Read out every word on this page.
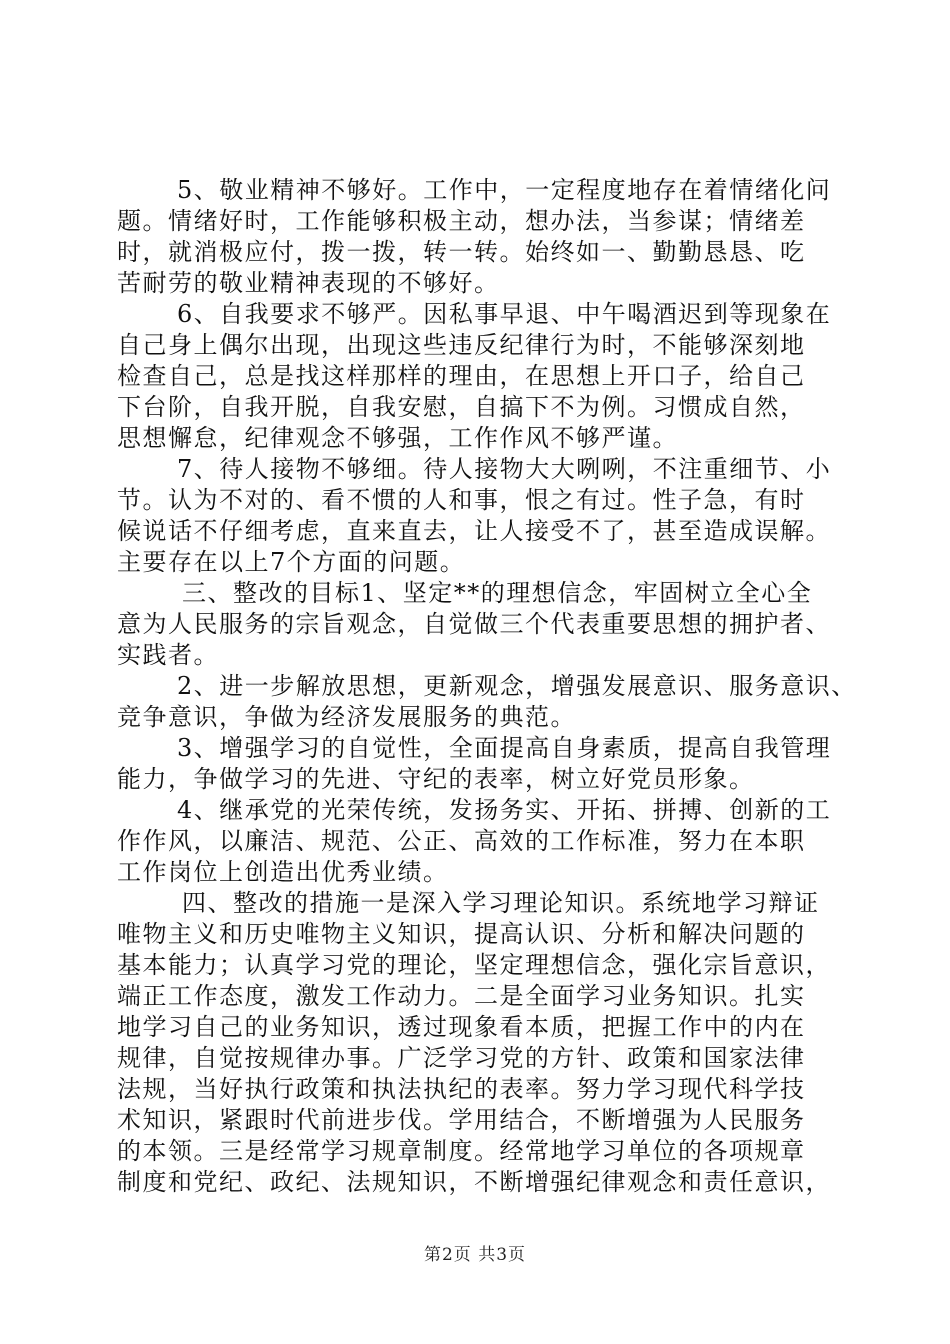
5、敬业精神不够好。工作中，一定程度地存在着情绪化问
题。情绪好时，工作能够积极主动，想办法，当参谋；情绪差
时，就消极应付，拨一拨，转一转。始终如一、勤勤恳恳、吃
苦耐劳的敬业精神表现的不够好。
6、自我要求不够严。因私事早退、中午喝酒迟到等现象在
自己身上偶尔出现，出现这些违反纪律行为时，不能够深刻地
检查自己，总是找这样那样的理由，在思想上开口子，给自己
下台阶，自我开脱，自我安慰，自搞下不为例。习惯成自然，
思想懈怠，纪律观念不够强，工作作风不够严谨。
7、待人接物不够细。待人接物大大咧咧，不注重细节、小
节。认为不对的、看不惯的人和事，恨之有过。性子急，有时
候说话不仔细考虑，直来直去，让人接受不了，甚至造成误解。
主要存在以上7个方面的问题。
三、整改的目标1、坚定**的理想信念，牢固树立全心全
意为人民服务的宗旨观念，自觉做三个代表重要思想的拥护者、
实践者。
2、进一步解放思想，更新观念，增强发展意识、服务意识、
竞争意识，争做为经济发展服务的典范。
3、增强学习的自觉性，全面提高自身素质，提高自我管理
能力，争做学习的先进、守纪的表率，树立好党员形象。
4、继承党的光荣传统，发扬务实、开拓、拼搏、创新的工
作作风，以廉洁、规范、公正、高效的工作标准，努力在本职
工作岗位上创造出优秀业绩。
四、整改的措施一是深入学习理论知识。系统地学习辩证
唯物主义和历史唯物主义知识，提高认识、分析和解决问题的
基本能力；认真学习党的理论，坚定理想信念，强化宗旨意识，
端正工作态度，激发工作动力。二是全面学习业务知识。扎实
地学习自己的业务知识，透过现象看本质，把握工作中的内在
规律，自觉按规律办事。广泛学习党的方针、政策和国家法律
法规，当好执行政策和执法执纪的表率。努力学习现代科学技
术知识，紧跟时代前进步伐。学用结合，不断增强为人民服务
的本领。三是经常学习规章制度。经常地学习单位的各项规章
制度和党纪、政纪、法规知识，不断增强纪律观念和责任意识，
第2页 共3页
